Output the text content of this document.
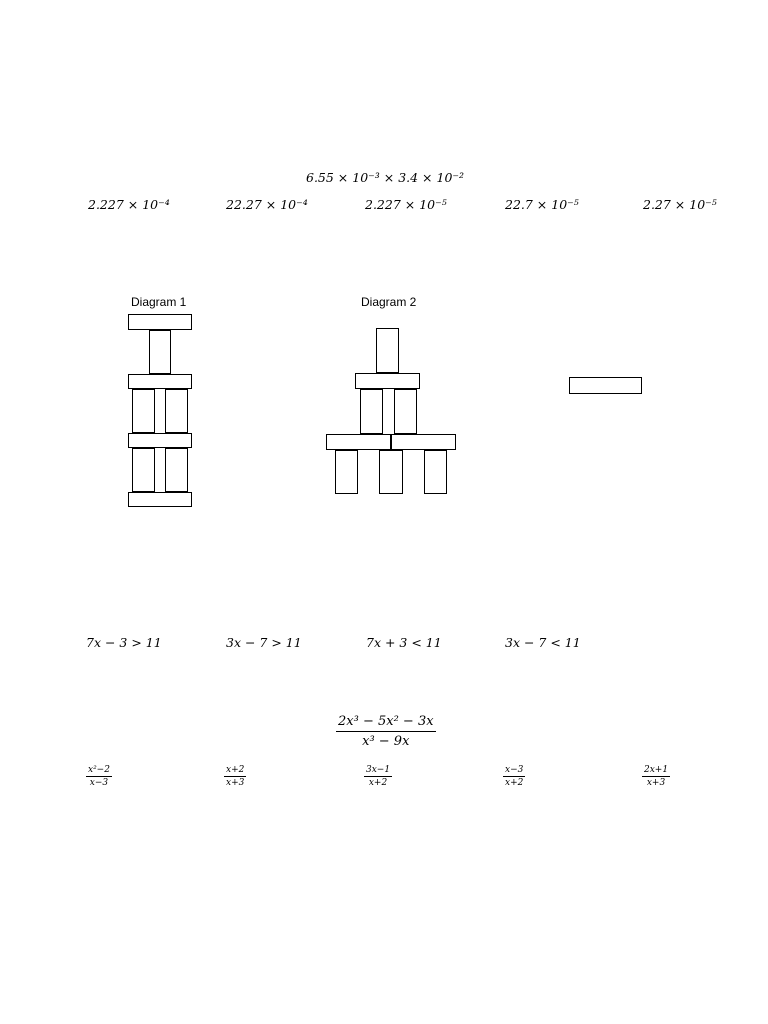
6.55 × 10⁻³ × 3.4 × 10⁻²
2.227 × 10⁻⁴	22.27 × 10⁻⁴	2.227 × 10⁻⁵	22.7 × 10⁻⁵	2.27 × 10⁻⁵
Diagram 1	Diagram 2
7x − 3 > 11	3x − 7 > 11	7x + 3 < 11	3x − 7 < 11
$\frac{\text{2x³ − 5x² − 3x}}{\text{x³ − 9x}}$
$\frac{\text{x²−2}}{x-3}$	$\frac{x+2}{x+3}$	$\frac{3x-1}{x+2}$	$\frac{x-3}{x+2}$	$\frac{2x+1}{x+3}$
